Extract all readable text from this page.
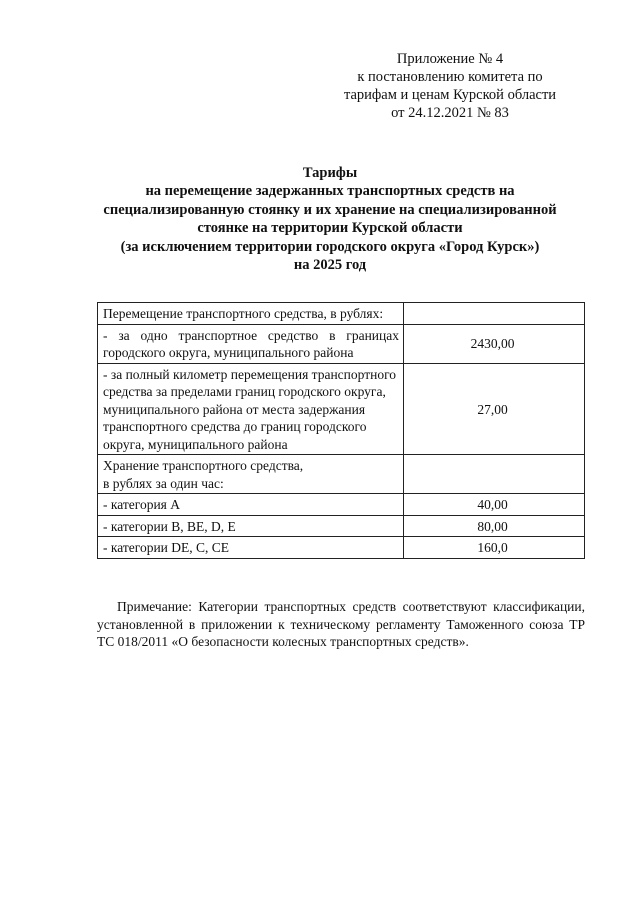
Приложение № 4
к постановлению комитета по
тарифам и ценам Курской области
от 24.12.2021 № 83
Тарифы
на перемещение задержанных транспортных средств на
специализированную стоянку и их хранение на специализированной
стоянке на территории Курской области
(за исключением территории городского округа «Город Курск»)
на 2025 год
Перемещение транспортного средства, в рублях:	
- за одно транспортное средство в границах городского округа, муниципального района	2430,00
- за полный километр перемещения транспортного средства за пределами границ городского округа, муниципального района от места задержания транспортного средства до границ городского округа, муниципального района	27,00

Хранение транспортного средства,
в рублях за один час:	

- категория A	40,00
- категории B, BE, D, E	80,00
- категории DE, C, CE	160,0
Примечание: Категории транспортных средств соответствуют классификации, установленной в приложении к техническому регламенту Таможенного союза ТР ТС 018/2011 «О безопасности колесных транспортных средств».
